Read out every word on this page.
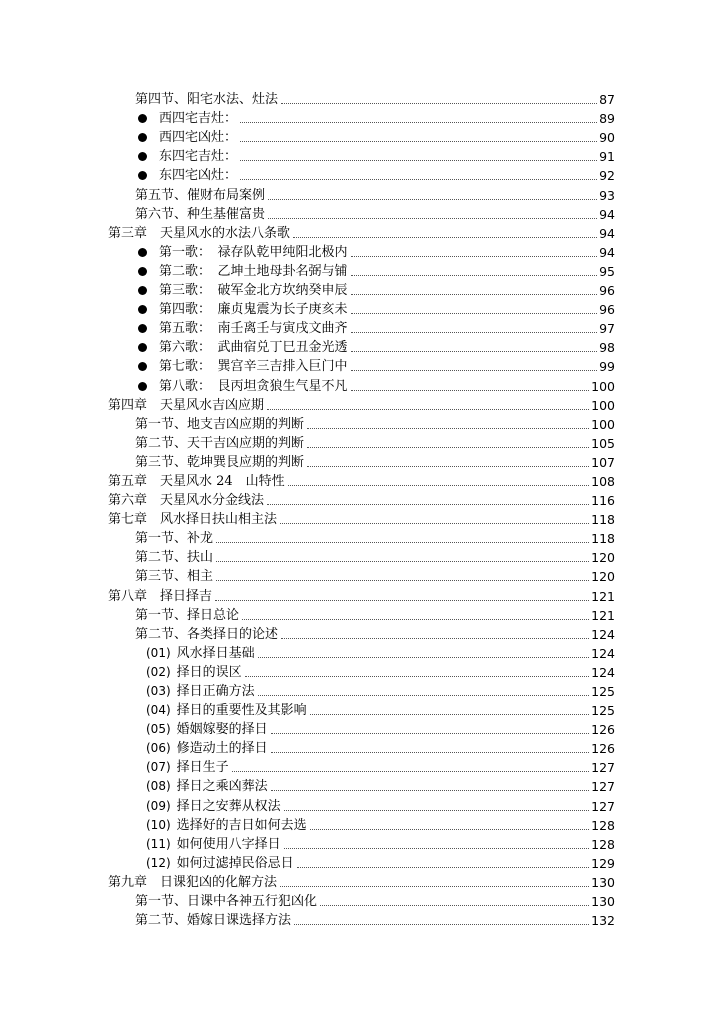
第四节、阳宅水法、灶法	87
西四宅吉灶：	89
西四宅凶灶：	90
东四宅吉灶：	91
东四宅凶灶：	92
第五节、催财布局案例	93
第六节、种生基催富贵	94
第三章　天星风水的水法八条歌	94
第一歌：　禄存队乾甲纯阳北极内	94
第二歌：　乙坤土地母卦名弼与铺	95
第三歌：　破军金北方坎纳癸申辰	96
第四歌：　廉贞鬼震为长子庚亥未	96
第五歌：　南壬离壬与寅戌文曲齐	97
第六歌：　武曲宿兑丁巳丑金光透	98
第七歌：　巽宫辛三吉排入巨门中	99
第八歌：　艮丙坦贪狼生气星不凡	100
第四章　天星风水吉凶应期	100
第一节、地支吉凶应期的判断	100
第二节、天干吉凶应期的判断	105
第三节、乾坤巽艮应期的判断	107
第五章　天星风水 24　山特性	108
第六章　天星风水分金线法	116
第七章　风水择日扶山相主法	118
第一节、补龙	118
第二节、扶山	120
第三节、相主	120
第八章　择日择吉	121
第一节、择日总论	121
第二节、各类择日的论述	124
(01) 风水择日基础	124
(02) 择日的误区	124
(03) 择日正确方法	125
(04) 择日的重要性及其影响	125
(05) 婚姻嫁娶的择日	126
(06) 修造动土的择日	126
(07) 择日生子	127
(08) 择日之乘凶葬法	127
(09) 择日之安葬从权法	127
(10) 选择好的吉日如何去选	128
(11) 如何使用八字择日	128
(12) 如何过滤掉民俗忌日	129
第九章　日课犯凶的化解方法	130
第一节、日课中各神五行犯凶化	130
第二节、婚嫁日课选择方法	132
